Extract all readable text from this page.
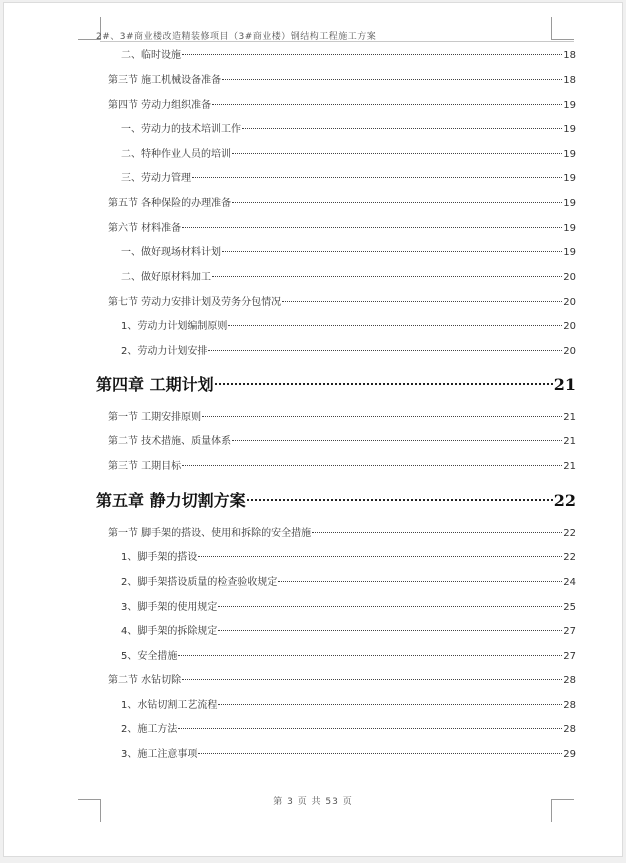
2#、3#商业楼改造精装修项目（3#商业楼）钢结构工程施工方案
二、临时设施	18
第三节 施工机械设备准备	18
第四节 劳动力组织准备	19
一、劳动力的技术培训工作	19
二、特种作业人员的培训	19
三、劳动力管理	19
第五节 各种保险的办理准备	19
第六节 材料准备	19
一、做好现场材料计划	19
二、做好原材料加工	20
第七节 劳动力安排计划及劳务分包情况	20
1、劳动力计划编制原则	20
2、劳动力计划安排	20
第四章 工期计划	21
第一节 工期安排原则	21
第二节 技术措施、质量体系	21
第三节 工期目标	21
第五章 静力切割方案	22
第一节 脚手架的搭设、使用和拆除的安全措施	22
1、脚手架的搭设	22
2、脚手架搭设质量的检查验收规定	24
3、脚手架的使用规定	25
4、脚手架的拆除规定	27
5、安全措施	27
第二节 水钻切除	28
1、水钻切割工艺流程	28
2、施工方法	28
3、施工注意事项	29
第 3 页 共 53 页
